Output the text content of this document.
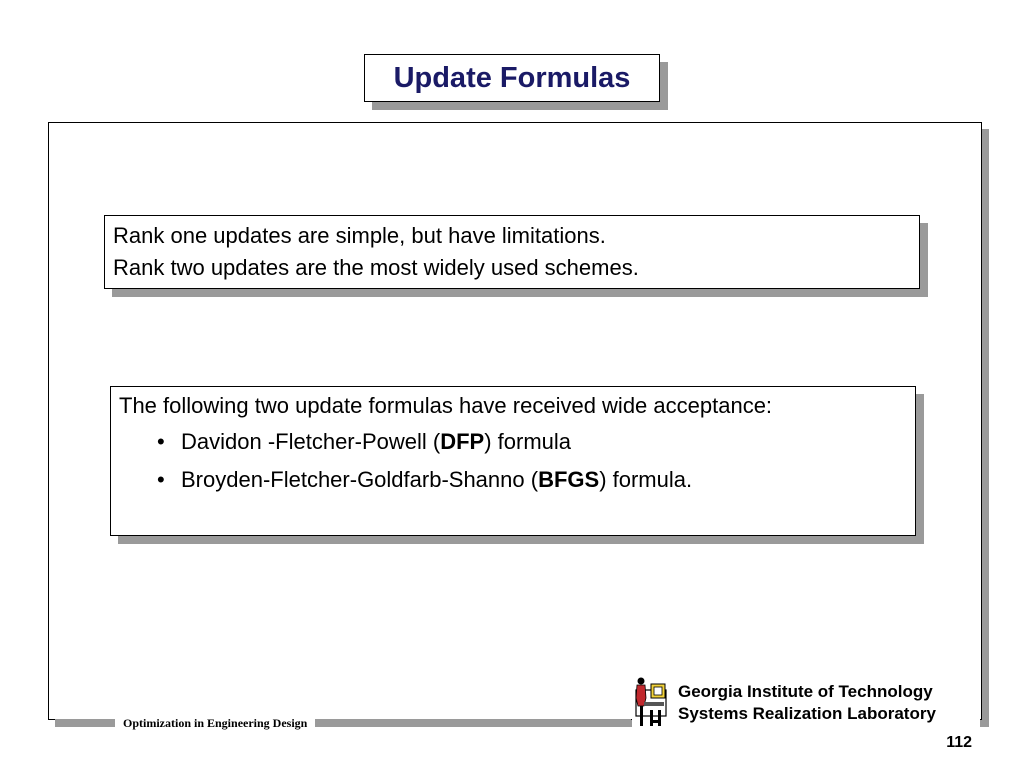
Update Formulas
Rank one updates are simple, but have limitations.
Rank two updates are the most widely used schemes.
The following two update formulas have received wide acceptance:
• Davidon -Fletcher-Powell (DFP) formula
• Broyden-Fletcher-Goldfarb-Shanno (BFGS) formula.
Optimization in Engineering Design
Georgia Institute of Technology
Systems Realization Laboratory
112
